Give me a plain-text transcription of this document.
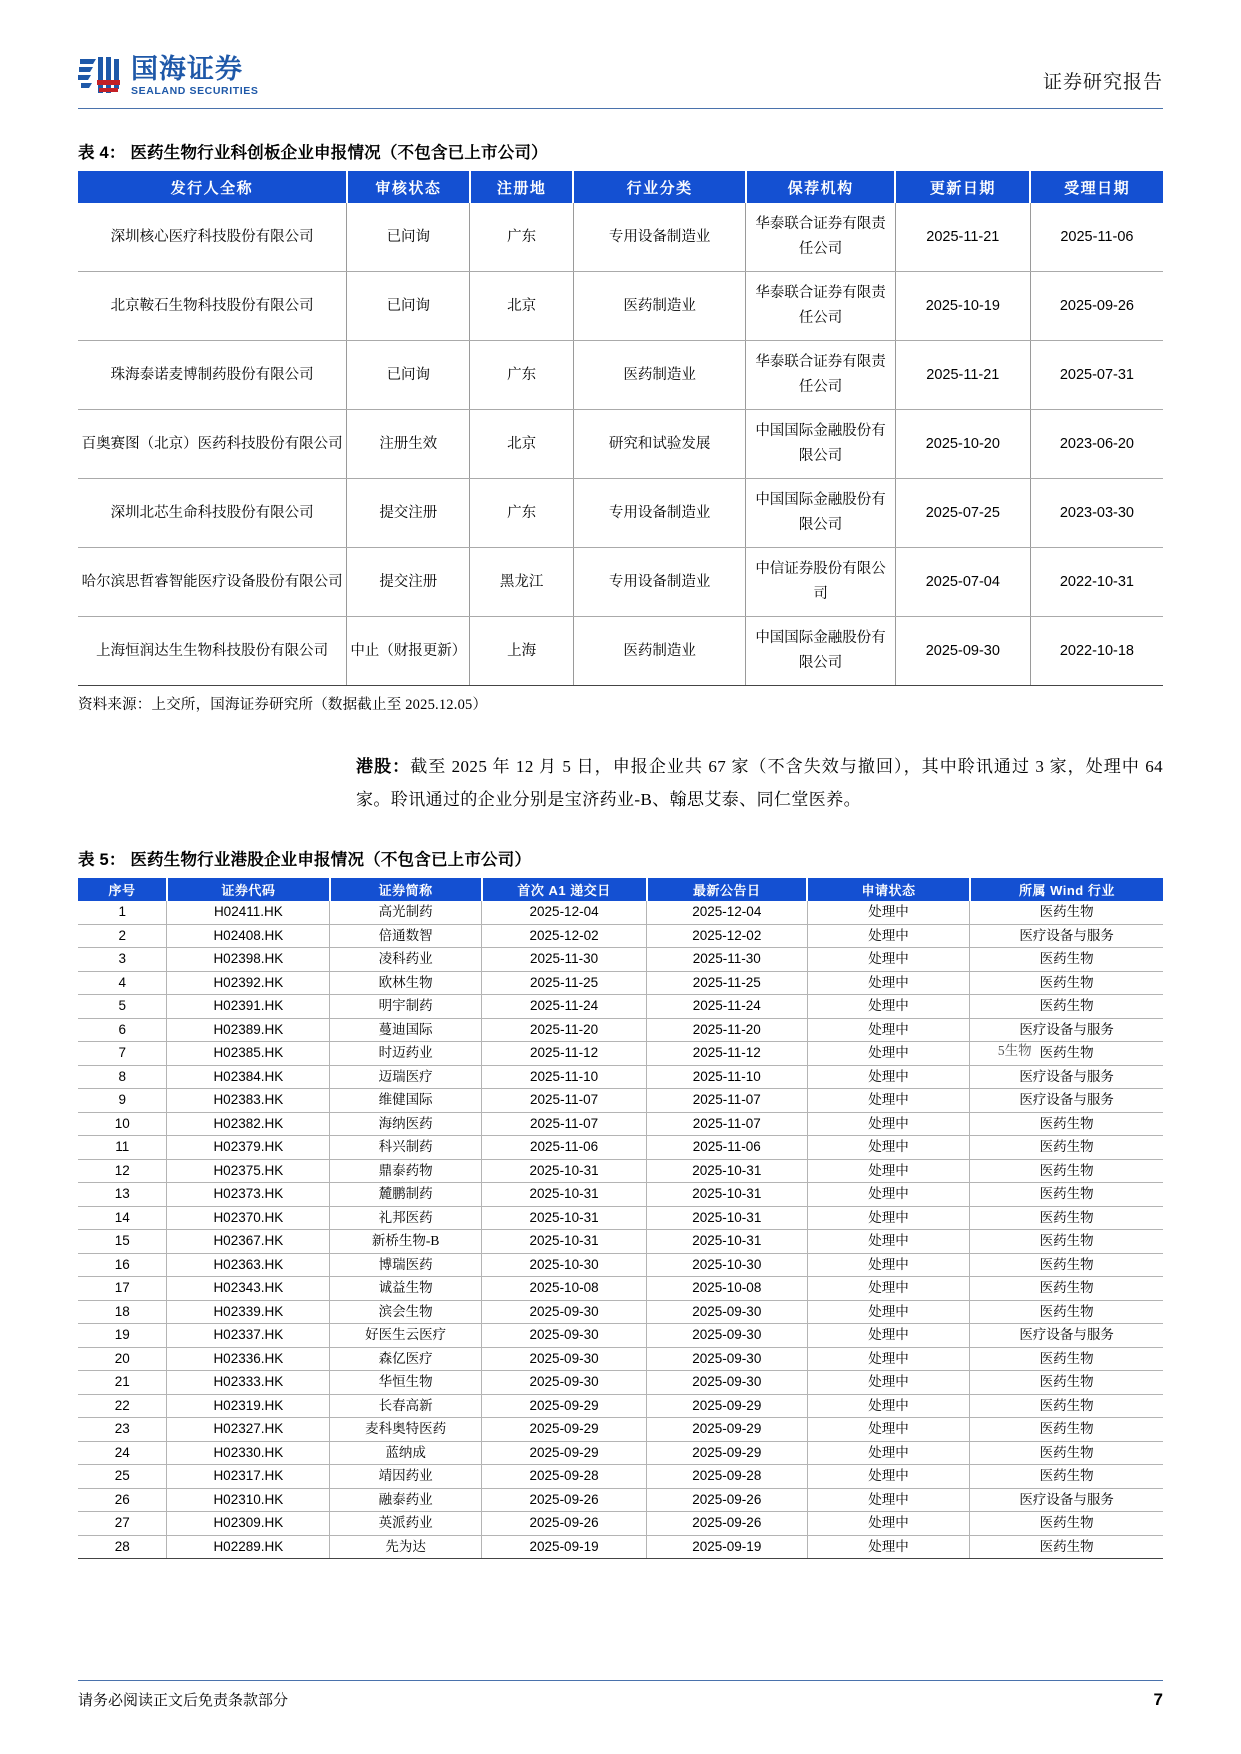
国海证券
SEALAND SECURITIES	证券研究报告
表 4： 医药生物行业科创板企业申报情况（不包含已上市公司）
发行人全称	审核状态	注册地	行业分类	保荐机构	更新日期	受理日期
深圳核心医疗科技股份有限公司	已问询	广东	专用设备制造业	华泰联合证券有限责任公司	2025-11-21	2025-11-06
北京鞍石生物科技股份有限公司	已问询	北京	医药制造业	华泰联合证券有限责任公司	2025-10-19	2025-09-26
珠海泰诺麦博制药股份有限公司	已问询	广东	医药制造业	华泰联合证券有限责任公司	2025-11-21	2025-07-31
百奥赛图（北京）医药科技股份有限公司	注册生效	北京	研究和试验发展	中国国际金融股份有限公司	2025-10-20	2023-06-20
深圳北芯生命科技股份有限公司	提交注册	广东	专用设备制造业	中国国际金融股份有限公司	2025-07-25	2023-03-30
哈尔滨思哲睿智能医疗设备股份有限公司	提交注册	黑龙江	专用设备制造业	中信证券股份有限公司	2025-07-04	2022-10-31
上海恒润达生生物科技股份有限公司	中止（财报更新）	上海	医药制造业	中国国际金融股份有限公司	2025-09-30	2022-10-18
资料来源：上交所，国海证券研究所（数据截止至 2025.12.05）
港股：截至 2025 年 12 月 5 日，申报企业共 67 家（不含失效与撤回），其中聆讯通过 3 家，处理中 64 家。聆讯通过的企业分别是宝济药业-B、翰思艾泰、同仁堂医养。
表 5： 医药生物行业港股企业申报情况（不包含已上市公司）
序号	证券代码	证券简称	首次 A1 递交日	最新公告日	申请状态	所属 Wind 行业
1	H02411.HK	高光制药	2025-12-04	2025-12-04	处理中	医药生物
2	H02408.HK	倍通数智	2025-12-02	2025-12-02	处理中	医疗设备与服务
3	H02398.HK	凌科药业	2025-11-30	2025-11-30	处理中	医药生物
4	H02392.HK	欧林生物	2025-11-25	2025-11-25	处理中	医药生物
5	H02391.HK	明宇制药	2025-11-24	2025-11-24	处理中	医药生物
6	H02389.HK	蔓迪国际	2025-11-20	2025-11-20	处理中	医疗设备与服务
7	H02385.HK	时迈药业	2025-11-12	2025-11-12	处理中	医药生物
8	H02384.HK	迈瑞医疗	2025-11-10	2025-11-10	处理中	医疗设备与服务
9	H02383.HK	维健国际	2025-11-07	2025-11-07	处理中	医疗设备与服务
10	H02382.HK	海纳医药	2025-11-07	2025-11-07	处理中	医药生物
11	H02379.HK	科兴制药	2025-11-06	2025-11-06	处理中	医药生物
12	H02375.HK	鼎泰药物	2025-10-31	2025-10-31	处理中	医药生物
13	H02373.HK	麓鹏制药	2025-10-31	2025-10-31	处理中	医药生物
14	H02370.HK	礼邦医药	2025-10-31	2025-10-31	处理中	医药生物
15	H02367.HK	新桥生物-B	2025-10-31	2025-10-31	处理中	医药生物
16	H02363.HK	博瑞医药	2025-10-30	2025-10-30	处理中	医药生物
17	H02343.HK	诚益生物	2025-10-08	2025-10-08	处理中	医药生物
18	H02339.HK	滨会生物	2025-09-30	2025-09-30	处理中	医药生物
19	H02337.HK	好医生云医疗	2025-09-30	2025-09-30	处理中	医疗设备与服务
20	H02336.HK	森亿医疗	2025-09-30	2025-09-30	处理中	医药生物
21	H02333.HK	华恒生物	2025-09-30	2025-09-30	处理中	医药生物
22	H02319.HK	长春高新	2025-09-29	2025-09-29	处理中	医药生物
23	H02327.HK	麦科奥特医药	2025-09-29	2025-09-29	处理中	医药生物
24	H02330.HK	蓝纳成	2025-09-29	2025-09-29	处理中	医药生物
25	H02317.HK	靖因药业	2025-09-28	2025-09-28	处理中	医药生物
26	H02310.HK	融泰药业	2025-09-26	2025-09-26	处理中	医疗设备与服务
27	H02309.HK	英派药业	2025-09-26	2025-09-26	处理中	医药生物
28	H02289.HK	先为达	2025-09-19	2025-09-19	处理中	医药生物
5生物
请务必阅读正文后免责条款部分	7
